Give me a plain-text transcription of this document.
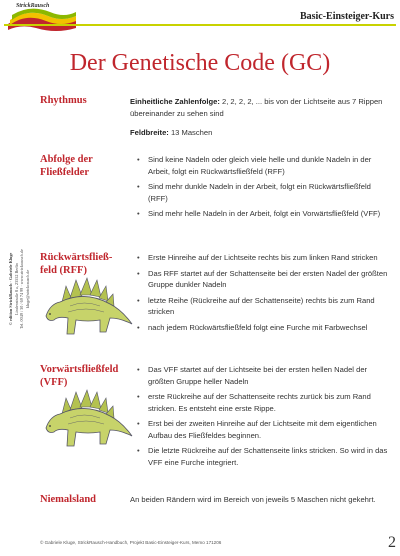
StrickRausch
Basic-Einsteiger-Kurs
Der Genetische Code (GC)
© edition StrickRausch · Gabriele Kluge Lindenstraße 8 a, 23552 Berlin Tel. 0049 / 30 / 69 74 99 · www.strickrausch.de kluge@strickrausch.de
Rhythmus	Einheitliche Zahlenfolge: 2, 2, 2, 2, ... bis von der Lichtseite aus 7 Rippen übereinander zu sehen sind
Feldbreite: 13 Maschen
Abfolge der
Fließfelder
• Sind keine Nadeln oder gleich viele helle und dunkle Nadeln in der Arbeit, folgt ein Rückwärtsfließfeld (RFF)
• Sind mehr dunkle Nadeln in der Arbeit, folgt ein Rückwärtsfließfeld (RFF)
• Sind mehr helle Nadeln in der Arbeit, folgt ein Vorwärtsfließfeld (VFF)
Rückwärtsfließ-
feld (RFF)
• Erste Hinreihe auf der Lichtseite rechts bis zum linken Rand stricken
• Das RFF startet auf der Schattenseite bei der ersten Nadel der größten Gruppe dunkler Nadeln
• letzte Reihe (Rückreihe auf der Schattenseite) rechts bis zum Rand stricken
• nach jedem Rückwärtsfließfeld folgt eine Furche mit Farbwechsel
Vorwärtsfließfeld
(VFF)
• Das VFF startet auf der Lichtseite bei der ersten hellen Nadel der größten Gruppe heller Nadeln
• erste Rückreihe auf der Schattenseite rechts zurück bis zum Rand stricken. Es entsteht eine erste Rippe.
• Erst bei der zweiten Hinreihe auf der Lichtseite mit dem eigentlichen Aufbau des Fließfeldes beginnen.
• Die letzte Rückreihe auf der Schattenseite links stricken. So wird in das VFF eine Furche integriert.
Niemalsland	An beiden Rändern wird im Bereich von jeweils 5 Maschen nicht gekehrt.
© Gabriele Kluge, StrickRausch-Handbuch, Projekt Basic-Einsteiger-Kurs, Memo 171206	2
